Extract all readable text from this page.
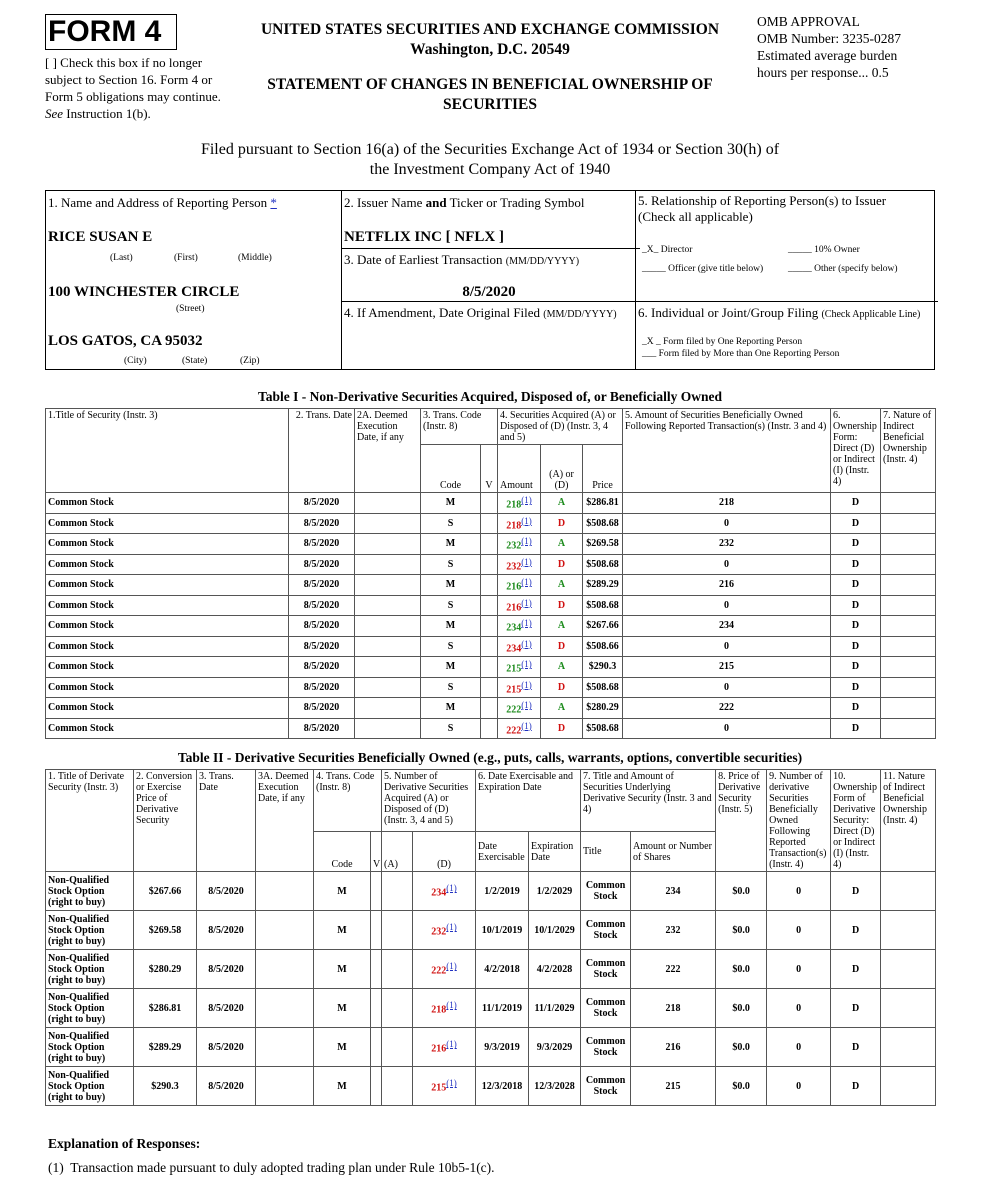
FORM 4
[ ] Check this box if no longer subject to Section 16. Form 4 or Form 5 obligations may continue. See Instruction 1(b).
UNITED STATES SECURITIES AND EXCHANGE COMMISSION
Washington, D.C. 20549
STATEMENT OF CHANGES IN BENEFICIAL OWNERSHIP OF SECURITIES
OMB APPROVAL
OMB Number: 3235-0287
Estimated average burden
hours per response... 0.5
Filed pursuant to Section 16(a) of the Securities Exchange Act of 1934 or Section 30(h) of the Investment Company Act of 1940
1. Name and Address of Reporting Person *
RICE SUSAN E
(Last)	(First)	(Middle)
100 WINCHESTER CIRCLE
(Street)
LOS GATOS, CA 95032
(City)	(State)	(Zip)
2. Issuer Name and Ticker or Trading Symbol
NETFLIX INC [ NFLX ]
3. Date of Earliest Transaction (MM/DD/YYYY)
8/5/2020
4. If Amendment, Date Original Filed (MM/DD/YYYY)
5. Relationship of Reporting Person(s) to Issuer
(Check all applicable)
_X_ Director	_____ 10% Owner
_____ Officer (give title below)	_____ Other (specify below)
6. Individual or Joint/Group Filing (Check Applicable Line)
_X _ Form filed by One Reporting Person
___ Form filed by More than One Reporting Person
Table I - Non-Derivative Securities Acquired, Disposed of, or Beneficially Owned
1.Title of Security (Instr. 3)	2. Trans. Date	2A. Deemed Execution Date, if any	3. Trans. Code (Instr. 8)		4. Securities Acquired (A) or Disposed of (D) (Instr. 3, 4 and 5)			5. Amount of Securities Beneficially Owned Following Reported Transaction(s) (Instr. 3 and 4)	6. Ownership Form: Direct (D) or Indirect (I) (Instr. 4)	7. Nature of Indirect Beneficial Ownership (Instr. 4)
			Code	V	Amount	(A) or (D)	Price			
Common Stock	8/5/2020		M		218(1)	A	$286.81	218	D	
Common Stock	8/5/2020		S		218(1)	D	$508.68	0	D	
Common Stock	8/5/2020		M		232(1)	A	$269.58	232	D	
Common Stock	8/5/2020		S		232(1)	D	$508.68	0	D	
Common Stock	8/5/2020		M		216(1)	A	$289.29	216	D	
Common Stock	8/5/2020		S		216(1)	D	$508.68	0	D	
Common Stock	8/5/2020		M		234(1)	A	$267.66	234	D	
Common Stock	8/5/2020		S		234(1)	D	$508.66	0	D	
Common Stock	8/5/2020		M		215(1)	A	$290.3	215	D	
Common Stock	8/5/2020		S		215(1)	D	$508.68	0	D	
Common Stock	8/5/2020		M		222(1)	A	$280.29	222	D	
Common Stock	8/5/2020		S		222(1)	D	$508.68	0	D	
Table II - Derivative Securities Beneficially Owned (e.g., puts, calls, warrants, options, convertible securities)
1. Title of Derivate Security (Instr. 3)	2. Conversion or Exercise Price of Derivative Security	3. Trans. Date	3A. Deemed Execution Date, if any	4. Trans. Code (Instr. 8)		5. Number of Derivative Securities Acquired (A) or Disposed of (D) (Instr. 3, 4 and 5)		6. Date Exercisable and Expiration Date		7. Title and Amount of Securities Underlying Derivative Security (Instr. 3 and 4)		8. Price of Derivative Security (Instr. 5)	9. Number of derivative Securities Beneficially Owned Following Reported Transaction(s) (Instr. 4)	10. Ownership Form of Derivative Security: Direct (D) or Indirect (I) (Instr. 4)	11. Nature of Indirect Beneficial Ownership (Instr. 4)
				Code	V	(A)	(D)	Date Exercisable	Expiration Date	Title	Amount or Number of Shares				
Non-Qualified Stock Option (right to buy)	$267.66	8/5/2020		M			234(1)	1/2/2019	1/2/2029	Common Stock	234	$0.0	0	D	
Non-Qualified Stock Option (right to buy)	$269.58	8/5/2020		M			232(1)	10/1/2019	10/1/2029	Common Stock	232	$0.0	0	D	
Non-Qualified Stock Option (right to buy)	$280.29	8/5/2020		M			222(1)	4/2/2018	4/2/2028	Common Stock	222	$0.0	0	D	
Non-Qualified Stock Option (right to buy)	$286.81	8/5/2020		M			218(1)	11/1/2019	11/1/2029	Common Stock	218	$0.0	0	D	
Non-Qualified Stock Option (right to buy)	$289.29	8/5/2020		M			216(1)	9/3/2019	9/3/2029	Common Stock	216	$0.0	0	D	
Non-Qualified Stock Option (right to buy)	$290.3	8/5/2020		M			215(1)	12/3/2018	12/3/2028	Common Stock	215	$0.0	0	D	
Explanation of Responses:
(1) Transaction made pursuant to duly adopted trading plan under Rule 10b5-1(c).
